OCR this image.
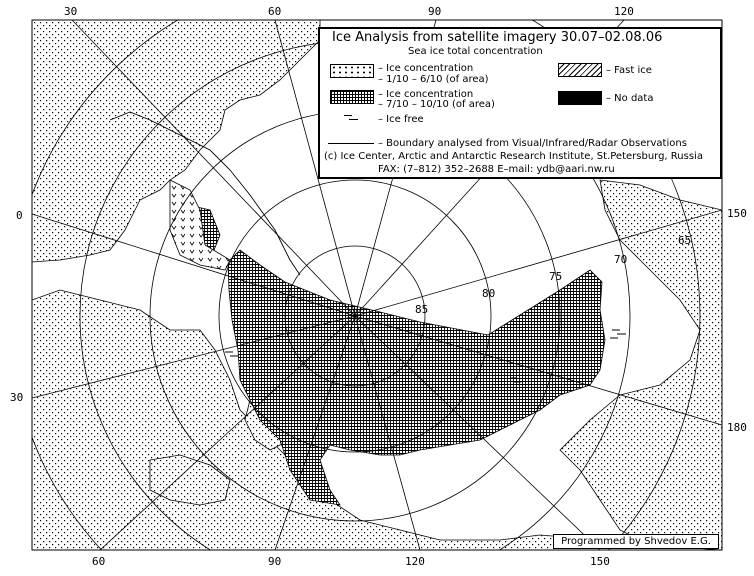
85
80
75
70
65
30	60	90	120
60	90	120	150
0
30
150
180
Ice Analysis from satellite imagery 30.07–02.08.06
Sea ice total concentration
– Ice concentration
– 1/10 – 6/10 (of area)
– Ice concentration
– 7/10 – 10/10 (of area)
– Fast ice
– No data
– Ice free
– Boundary analysed from Visual/Infrared/Radar Observations
(c) Ice Center, Arctic and Antarctic Research Institute, St.Petersburg, Russia
FAX: (7–812) 352–2688 E–mail: ydb@aari.nw.ru
Programmed by Shvedov E.G.
